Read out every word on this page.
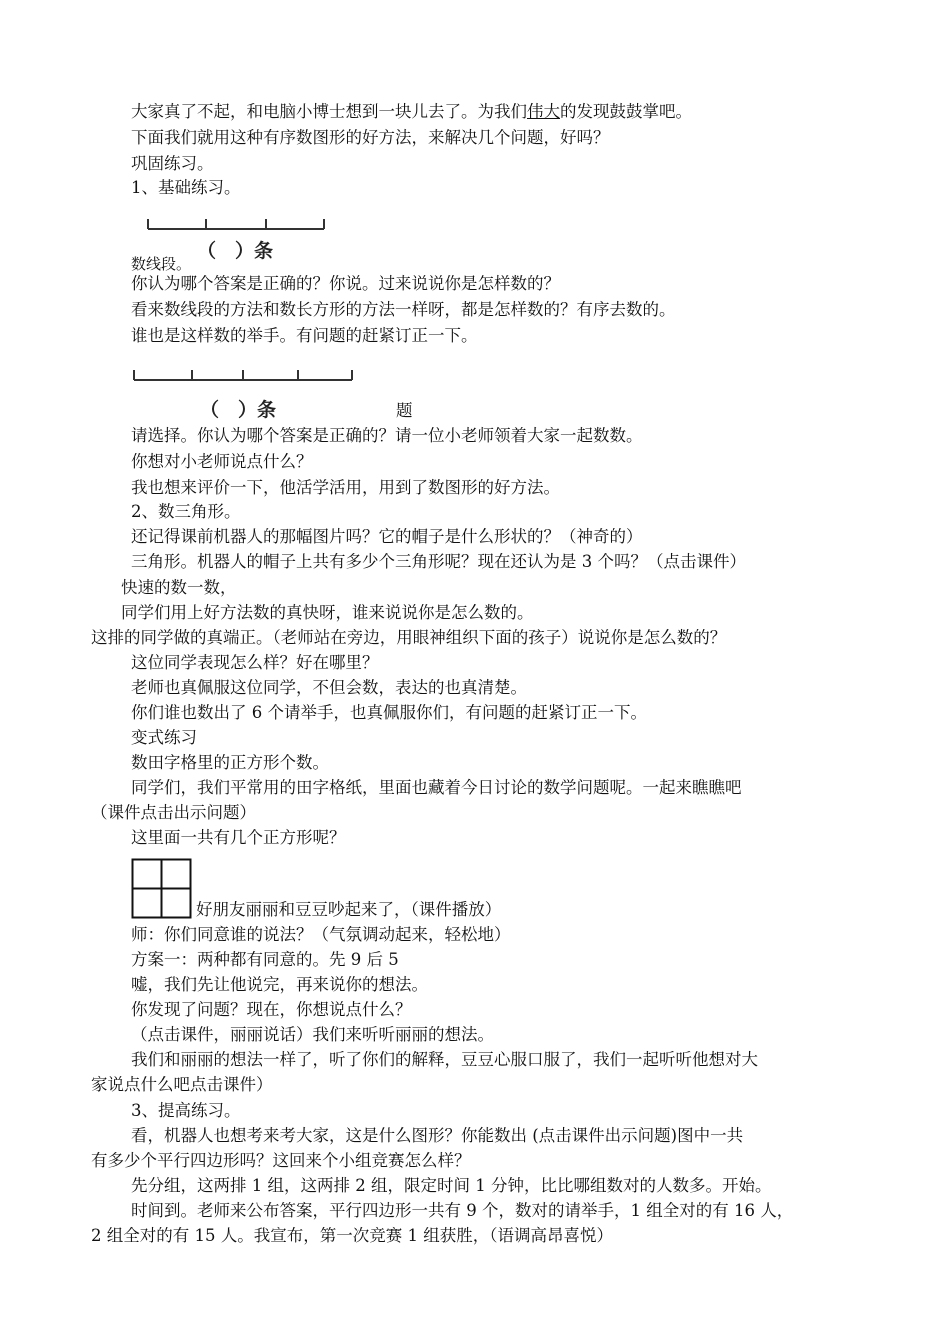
大家真了不起，和电脑小博士想到一块儿去了。为我们伟大的发现鼓鼓掌吧。
下面我们就用这种有序数图形的好方法，来解决几个问题，好吗？
巩固练习。
1、基础练习。
（　）条
数线段。
你认为哪个答案是正确的？你说。过来说说你是怎样数的？
看来数线段的方法和数长方形的方法一样呀，都是怎样数的？有序去数的。
谁也是这样数的举手。有问题的赶紧订正一下。
（　）条	题
请选择。你认为哪个答案是正确的？请一位小老师领着大家一起数数。
你想对小老师说点什么？
我也想来评价一下，他活学活用，用到了数图形的好方法。
2、数三角形。
还记得课前机器人的那幅图片吗？它的帽子是什么形状的？（神奇的）
三角形。机器人的帽子上共有多少个三角形呢？现在还认为是 3 个吗？（点击课件）
快速的数一数，
同学们用上好方法数的真快呀，谁来说说你是怎么数的。
这排的同学做的真端正。（老师站在旁边，用眼神组织下面的孩子）说说你是怎么数的？
这位同学表现怎么样？好在哪里？
老师也真佩服这位同学，不但会数，表达的也真清楚。
你们谁也数出了 6 个请举手，也真佩服你们，有问题的赶紧订正一下。
变式练习
数田字格里的正方形个数。
同学们，我们平常用的田字格纸，里面也藏着今日讨论的数学问题呢。一起来瞧瞧吧
（课件点击出示问题）
这里面一共有几个正方形呢？
好朋友丽丽和豆豆吵起来了，（课件播放）
师：你们同意谁的说法？（气氛调动起来，轻松地）
方案一：两种都有同意的。先 9 后 5
嘘，我们先让他说完，再来说你的想法。
你发现了问题？现在，你想说点什么？
（点击课件，丽丽说话）我们来听听丽丽的想法。
我们和丽丽的想法一样了，听了你们的解释，豆豆心服口服了，我们一起听听他想对大
家说点什么吧点击课件）
3、提高练习。
看，机器人也想考来考大家，这是什么图形？你能数出 (点击课件出示问题)图中一共
有多少个平行四边形吗？这回来个小组竞赛怎么样？
先分组，这两排 1 组，这两排 2 组，限定时间 1 分钟，比比哪组数对的人数多。开始。
时间到。老师来公布答案，平行四边形一共有 9 个，数对的请举手，1 组全对的有 16 人，
2 组全对的有 15 人。我宣布，第一次竞赛 1 组获胜，（语调高昂喜悦）
